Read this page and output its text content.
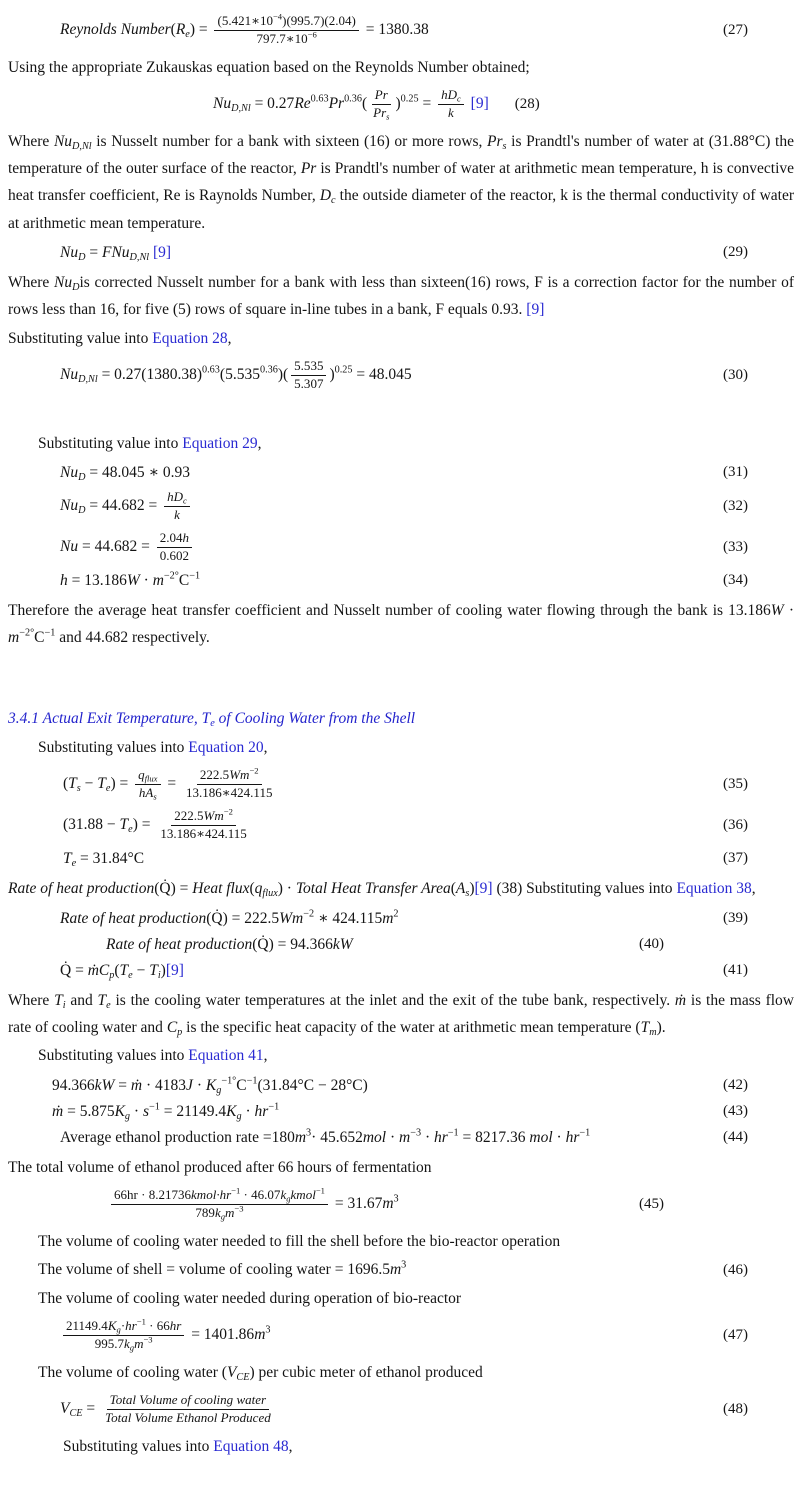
Reynolds Number(Re) = $\frac{(5.421∗10^{-4})(995.7)(2.04)}{797.7∗10^{-6}} = 1380.38$	(27)
Using the appropriate Zukauskas equation based on the Reynolds Number obtained;
$NuD,Nl = 0.27Re^{0.63}Pr^{0.36}( \frac{Pr}{\text{Prs}} )^{0.25} = \frac{\text{hDc}}{k} [9]$ (28)
Where NuD,Nl is Nusselt number for a bank with sixteen (16) or more rows, Prs is Prandtl's number of water at (31.88°C) the temperature of the outer surface of the reactor, Pr is Prandtl's number of water at arithmetic mean temperature, h is convective heat transfer coefficient, Re is Raynolds Number, Dc the outside diameter of the reactor, k is the thermal conductivity of water at arithmetic mean temperature.
NuD = FNuD,Nl [9]	(29)
Where NuDis corrected Nusselt number for a bank with less than sixteen(16) rows, F is a correction factor for the number of rows less than 16, for five (5) rows of square in-line tubes in a bank, F equals 0.93. [9]
Substituting value into Equation 28,
$NuD,Nl = 0.27(1380.38)^{0.63}(5.535^{0.36})( \frac{5.535}{5.307} )^{0.25} = 48.045$	(30)
Substituting value into Equation 29,
NuD = 48.045 ∗ 0.93	(31)
NuD = $44.682 = \frac{\text{hDc}}{k}$	(32)
$Nu = 44.682 = \frac{2.04h}{0.602}$	(33)
$h = 13.186W \cdot m^{-2^\circ}C^{-1}$	(34)
Therefore the average heat transfer coefficient and Nusselt number of cooling water flowing through the bank is $13.186W \cdot m^{-2^\circ}C^{-1}$ and 44.682 respectively.
3.4.1 Actual Exit Temperature, Te of Cooling Water from the Shell
Substituting values into Equation 20,
$(Ts - Te) = \frac{\text{qflux}}{\text{hAs}} = \frac{222.5Wm^{-2}}{13.186∗424.115}$	(35)
$(31.88 - Te) = \frac{222.5Wm^{-2}}{13.186∗424.115}$	(36)
Te = 31.84°C	(37)
Rate of heat production(Q̇) = Heat flux(qflux) · Total Heat Transfer Area(As)[9] (38) Substituting values into Equation 38,
Rate of heat production(Q̇) = $222.5Wm^{-2}$ ∗ $424.115m^2$	(39)
Rate of heat production(Q̇) = 94.366kW	(40)
Q̇ = ṁCp(Te − Ti)[9]	(41)
Where Ti and Te is the cooling water temperatures at the inlet and the exit of the tube bank, respectively. ṁ is the mass flow rate of cooling water and Cp is the specific heat capacity of the water at arithmetic mean temperature (Tm).
Substituting values into Equation 41,
94.366kW = ṁ · $4183J \cdot Kg^{-1^\circ}C^{-1}(31.84^\circ C - 28^\circ C)$	(42)
ṁ = $5.875Kg \cdot s^{-1} = 21149.4Kg \cdot hr^{-1}$	(43)
Average ethanol production rate $=180m^3\cdot 45.652mol \cdot m^{-3} \cdot hr^{-1} = 8217.36$ mol · $hr^{-1}$	(44)
The total volume of ethanol produced after 66 hours of fermentation
$\frac{66hr \cdot 8.21736kmol\cdot hr^{-1} \cdot 46.07kgkmol^{-1}}{789kgm^{-3}} = 31.67m^3$	(45)
The volume of cooling water needed to fill the shell before the bio-reactor operation
The volume of shell = volume of cooling water = $1696.5m^3$	(46)
The volume of cooling water needed during operation of bio-reactor
$\frac{21149.4Kg\cdot hr^{-1} \cdot 66hr}{995.7kgm^{-3}} = 1401.86m^3$	(47)
The volume of cooling water (VCE) per cubic meter of ethanol produced
VCE = $\frac{\text{Total Volume of cooling water}}{\text{Total Volume Ethanol Produced}}$	(48)
Substituting values into Equation 48,
